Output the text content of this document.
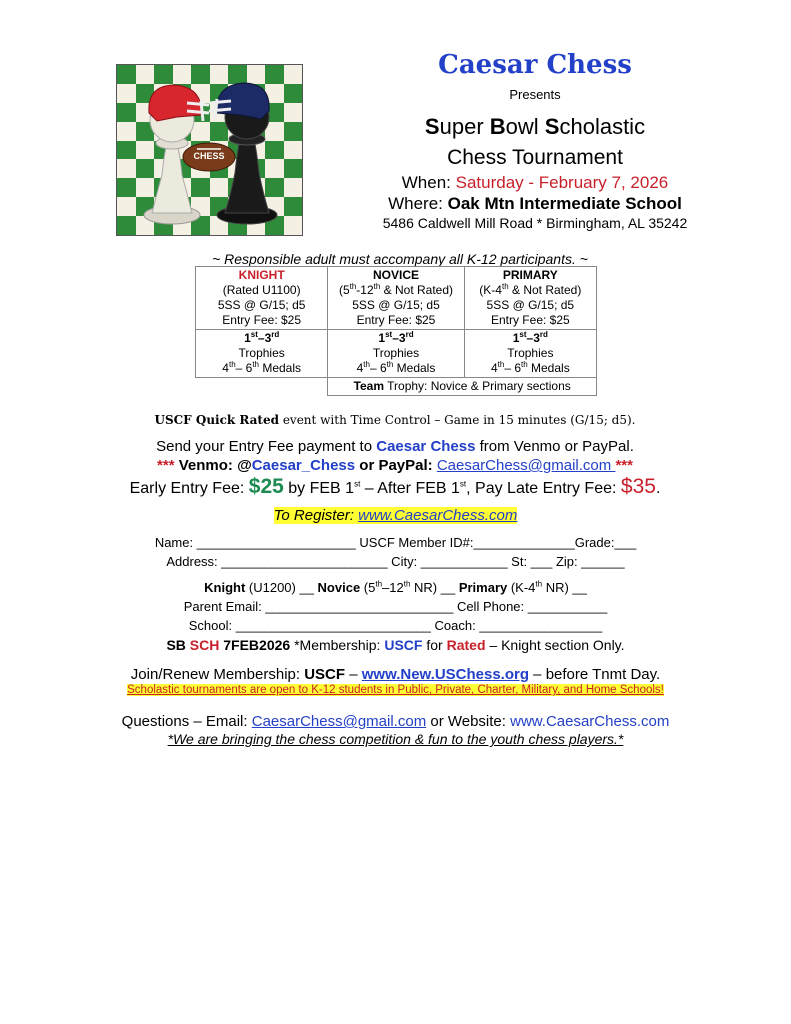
CHESS
Caesar Chess
Presents
Super Bowl Scholastic
Chess Tournament
When: Saturday - February 7, 2026
Where: Oak Mtn Intermediate School
5486 Caldwell Mill Road * Birmingham, AL 35242
~ Responsible adult must accompany all K-12 participants. ~
KNIGHT
(Rated U1100)
5SS @ G/15; d5
Entry Fee: $25	NOVICE
(5th-12th & Not Rated)
5SS @ G/15; d5
Entry Fee: $25	PRIMARY
(K-4th & Not Rated)
5SS @ G/15; d5
Entry Fee: $25
1st–3rd
Trophies
4th– 6th Medals	1st–3rd
Trophies
4th– 6th Medals	1st–3rd
Trophies
4th– 6th Medals
	Team Trophy: Novice & Primary sections	
USCF Quick Rated event with Time Control – Game in 15 minutes (G/15; d5).
Send your Entry Fee payment to Caesar Chess from Venmo or PayPal.
*** Venmo: @Caesar_Chess or PayPal: CaesarChess@gmail.com ***
Early Entry Fee: $25 by FEB 1st – After FEB 1st, Pay Late Entry Fee: $35.
To Register: www.CaesarChess.com
Name: ______________________ USCF Member ID#:______________Grade:___
Address: _______________________ City: ____________ St: ___ Zip: ______
Knight (U1200) __ Novice (5th–12th NR) __ Primary (K-4th NR) __
Parent Email: __________________________ Cell Phone: ___________
School: ___________________________ Coach: _________________
SB SCH 7FEB2026 *Membership: USCF for Rated – Knight section Only.
Join/Renew Membership: USCF – www.New.USChess.org – before Tnmt Day.
Scholastic tournaments are open to K-12 students in Public, Private, Charter, Military, and Home Schools!
Questions – Email: CaesarChess@gmail.com or Website: www.CaesarChess.com
*We are bringing the chess competition & fun to the youth chess players.*
